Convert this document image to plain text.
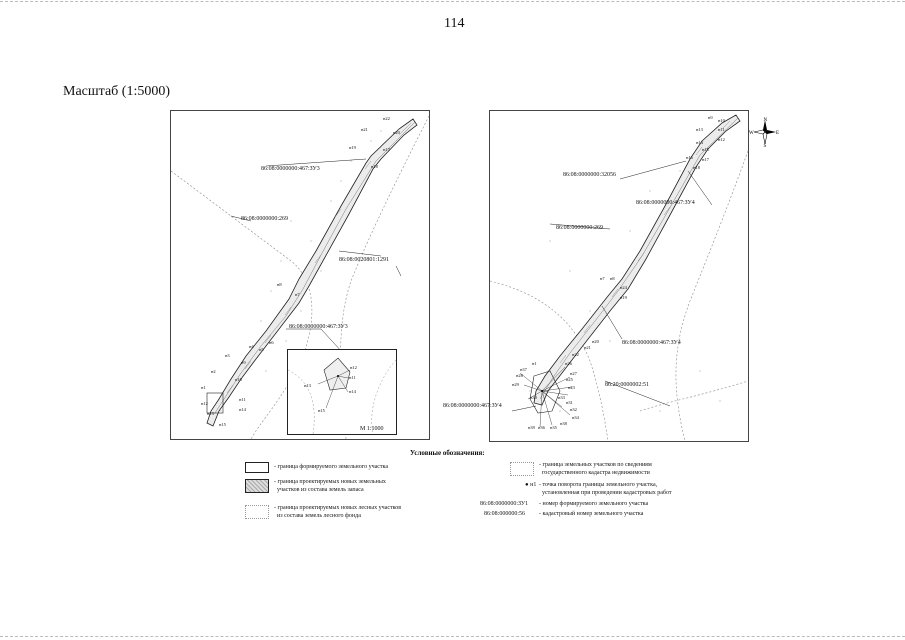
114
Масштаб (1:5000)
н22
н21
н20
н19
н18
н17
н8
н7
н6
н5
н4
н9
н2
н3
н1
н10
н11
н12
н13
н14
н15
86:08:0000000:467:ЗУ3
86:08:0000000:269
86:08:0020801:1291
86:08:0000000:467:ЗУ3
н12
н11
н13
н14
н15
М 1:1000
н9
н10
н11
н12
н13
н14
н15
н16 н17
н18
н7 н8
н24
н19
н20
н21
н22
н1
н37
н28
н26
н27
н25
н23
н29
н33
н30
н31
н32
н34
н35
н36
н39
н38
86:08:0000000:32056
86:08:0000000:467:ЗУ4
86:08:0000000:269
86:08:0000000:467:ЗУ4
86:20:0000002:51
86:08:0000000:467:ЗУ4
N
S
W	E
Условные обозначения:
- граница формируемого земельного участка
- граница проектируемых новых земельных
участков из состава земель запаса
- граница проектируемых новых лесных участков
из состава земель лесного фонда
- граница земельных участков по сведениям
государственного кадастра недвижимости
● н1 - точка поворота границы земельного участка,
установленная при проведении кадастровых работ
86:08:0000000:ЗУ1 - номер формируемого земельного участка
86:08:000000:56 - кадастровый номер земельного участка
